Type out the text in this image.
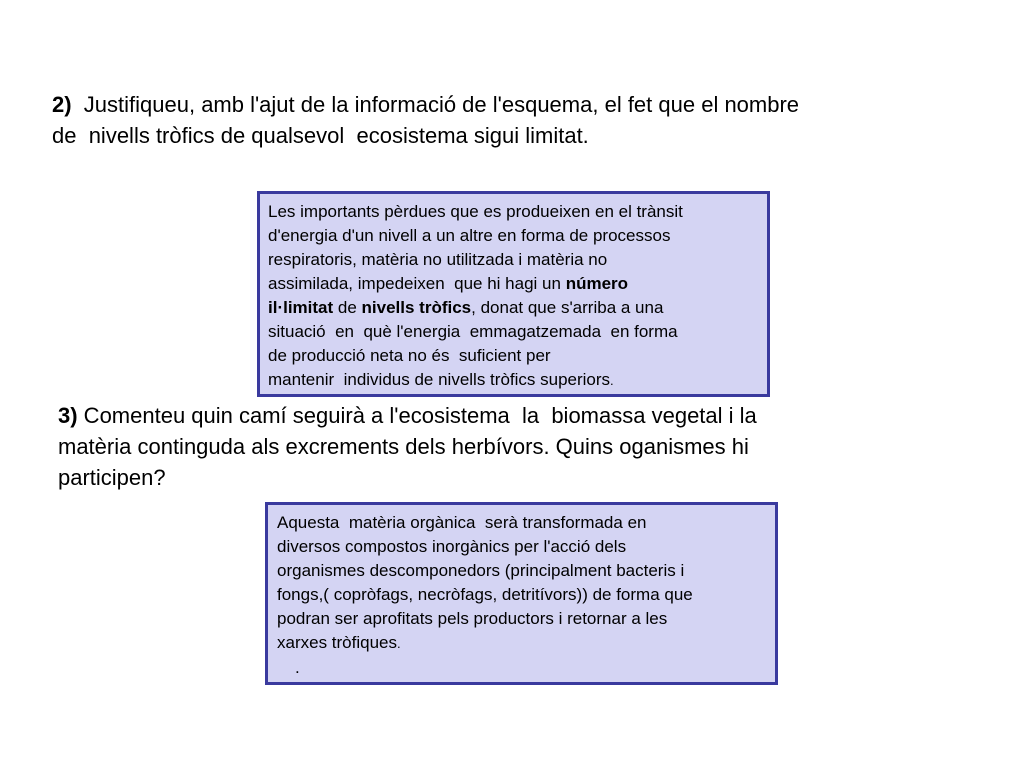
2)  Justifiqueu, amb l'ajut de la informació de l'esquema, el fet que el nombre
de  nivells tròfics de qualsevol  ecosistema sigui limitat.

Les importants pèrdues que es produeixen en el trànsit
d'energia d'un nivell a un altre en forma de processos
respiratoris, matèria no utilitzada i matèria no
assimilada, impedeixen  que hi hagi un número
il·limitat de nivells tròfics, donat que s'arriba a una
situació  en  què l'energia  emmagatzemada  en forma
de producció neta no és  suficient per
mantenir  individus de nivells tròfics superiors.

3) Comenteu quin camí seguirà a l'ecosistema  la  biomassa vegetal i la
matèria continguda als excrements dels herbívors. Quins oganismes hi
participen?

Aquesta  matèria orgànica  serà transformada en
diversos compostos inorgànics per l'acció dels
organismes descomponedors (principalment bacteris i
fongs,( copròfags, necròfags, detritívors)) de forma que
podran ser aprofitats pels productors i retornar a les
xarxes tròfiques.
.
